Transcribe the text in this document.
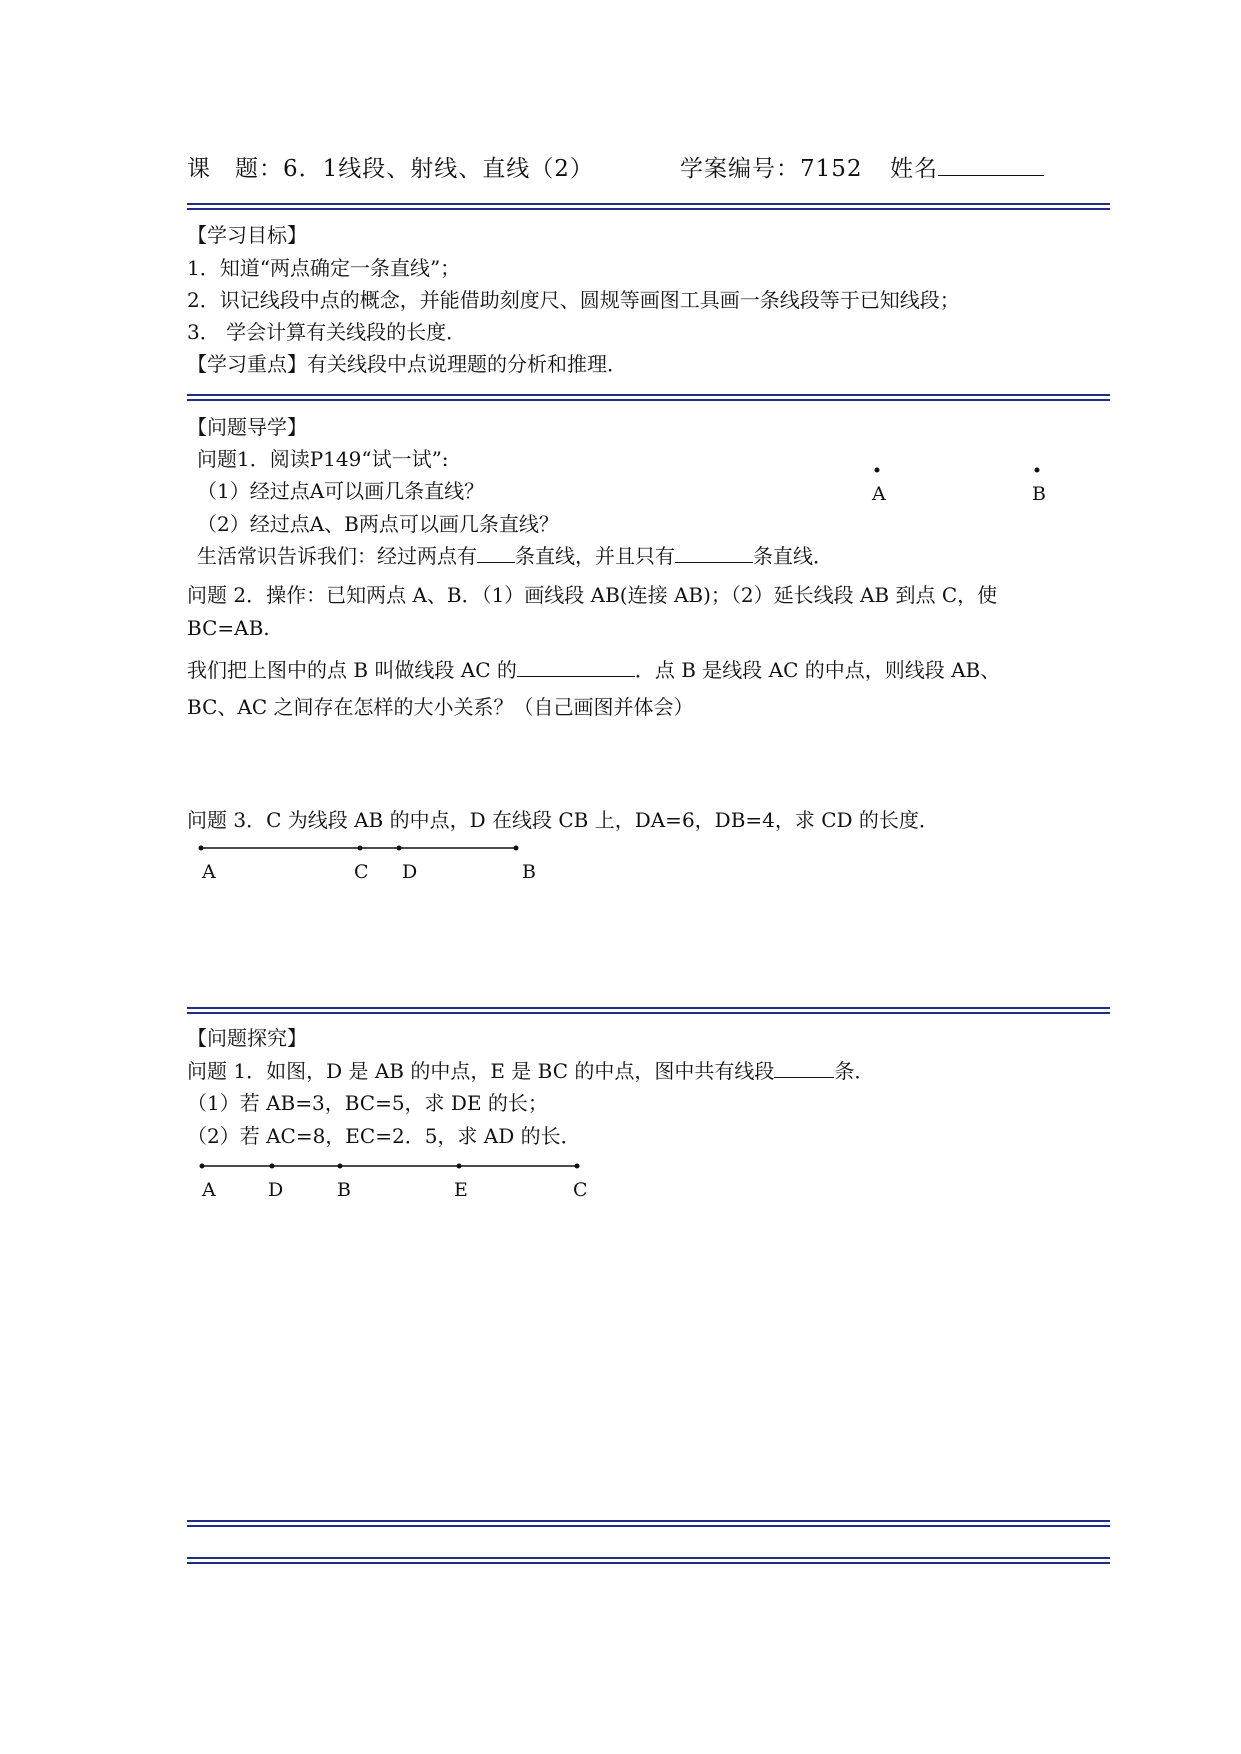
课　题：6．1线段、射线、直线（2）	学案编号：7152 姓名
【学习目标】
1．知道“两点确定一条直线”；
2．识记线段中点的概念，并能借助刻度尺、圆规等画图工具画一条线段等于已知线段；
3． 学会计算有关线段的长度．
【学习重点】有关线段中点说理题的分析和推理．
【问题导学】
问题1．阅读P149“试一试”:
（1）经过点A可以画几条直线？
（2）经过点A、B两点可以画几条直线？
生活常识告诉我们：经过两点有 条直线，并且只有	条直线．
A	B
问题 2．操作：已知两点 A、B．（1）画线段 AB(连接 AB)；（2）延长线段 AB 到点 C，使
BC=AB.
我们把上图中的点 B 叫做线段 AC 的	．点 B 是线段 AC 的中点，则线段 AB、
BC、AC 之间存在怎样的大小关系？（自己画图并体会）
问题 3．C 为线段 AB 的中点，D 在线段 CB 上，DA=6，DB=4，求 CD 的长度．
A	C D	B
【问题探究】
问题 1．如图，D 是 AB 的中点，E 是 BC 的中点，图中共有线段	条．
（1）若 AB=3，BC=5，求 DE 的长；
（2）若 AC=8，EC=2．5，求 AD 的长．
A	D	B	E	C
